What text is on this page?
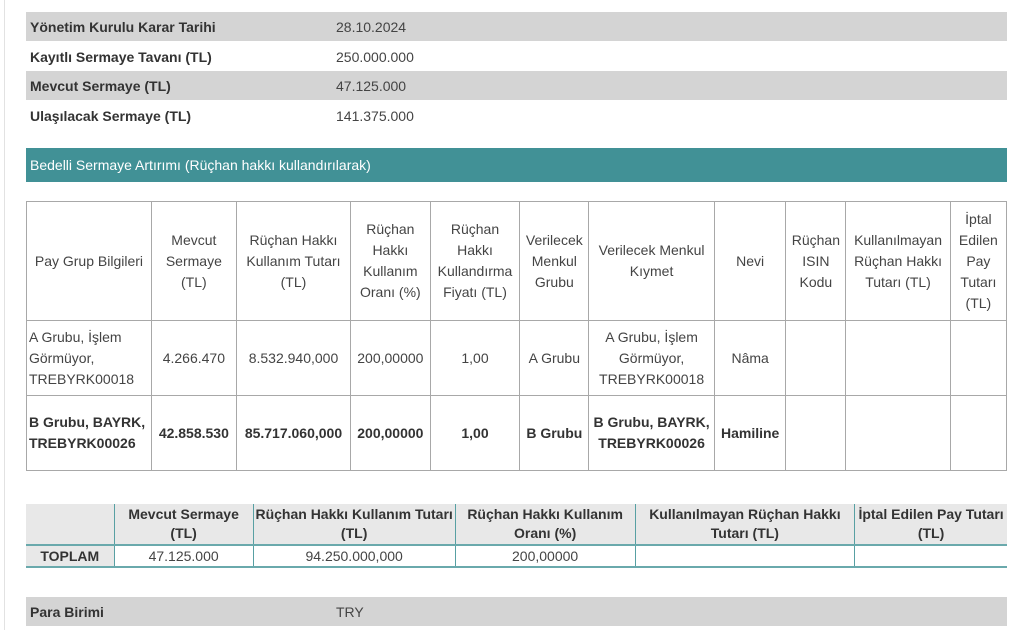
Yönetim Kurulu Karar Tarihi	28.10.2024
Kayıtlı Sermaye Tavanı (TL)	250.000.000
Mevcut Sermaye (TL)	47.125.000
Ulaşılacak Sermaye (TL)	141.375.000
Bedelli Sermaye Artırımı (Rüçhan hakkı kullandırılarak)
Pay Grup Bilgileri	Mevcut Sermaye (TL)	Rüçhan Hakkı Kullanım Tutarı (TL)	Rüçhan Hakkı Kullanım Oranı (%)	Rüçhan Hakkı Kullandırma Fiyatı (TL)	Verilecek Menkul Grubu	Verilecek Menkul Kıymet	Nevi	Rüçhan ISIN Kodu	Kullanılmayan Rüçhan Hakkı Tutarı (TL)	İptal Edilen Pay Tutarı (TL)
A Grubu, İşlem Görmüyor, TREBYRK00018	4.266.470	8.532.940,000	200,00000	1,00	A Grubu	A Grubu, İşlem Görmüyor, TREBYRK00018	Nâma			
B Grubu, BAYRK, TREBYRK00026	42.858.530	85.717.060,000	200,00000	1,00	B Grubu	B Grubu, BAYRK, TREBYRK00026	Hamiline			
	Mevcut Sermaye (TL)	Rüçhan Hakkı Kullanım Tutarı (TL)	Rüçhan Hakkı Kullanım Oranı (%)	Kullanılmayan Rüçhan Hakkı Tutarı (TL)	İptal Edilen Pay Tutarı (TL)
TOPLAM	47.125.000	94.250.000,000	200,00000		
Para Birimi	TRY
